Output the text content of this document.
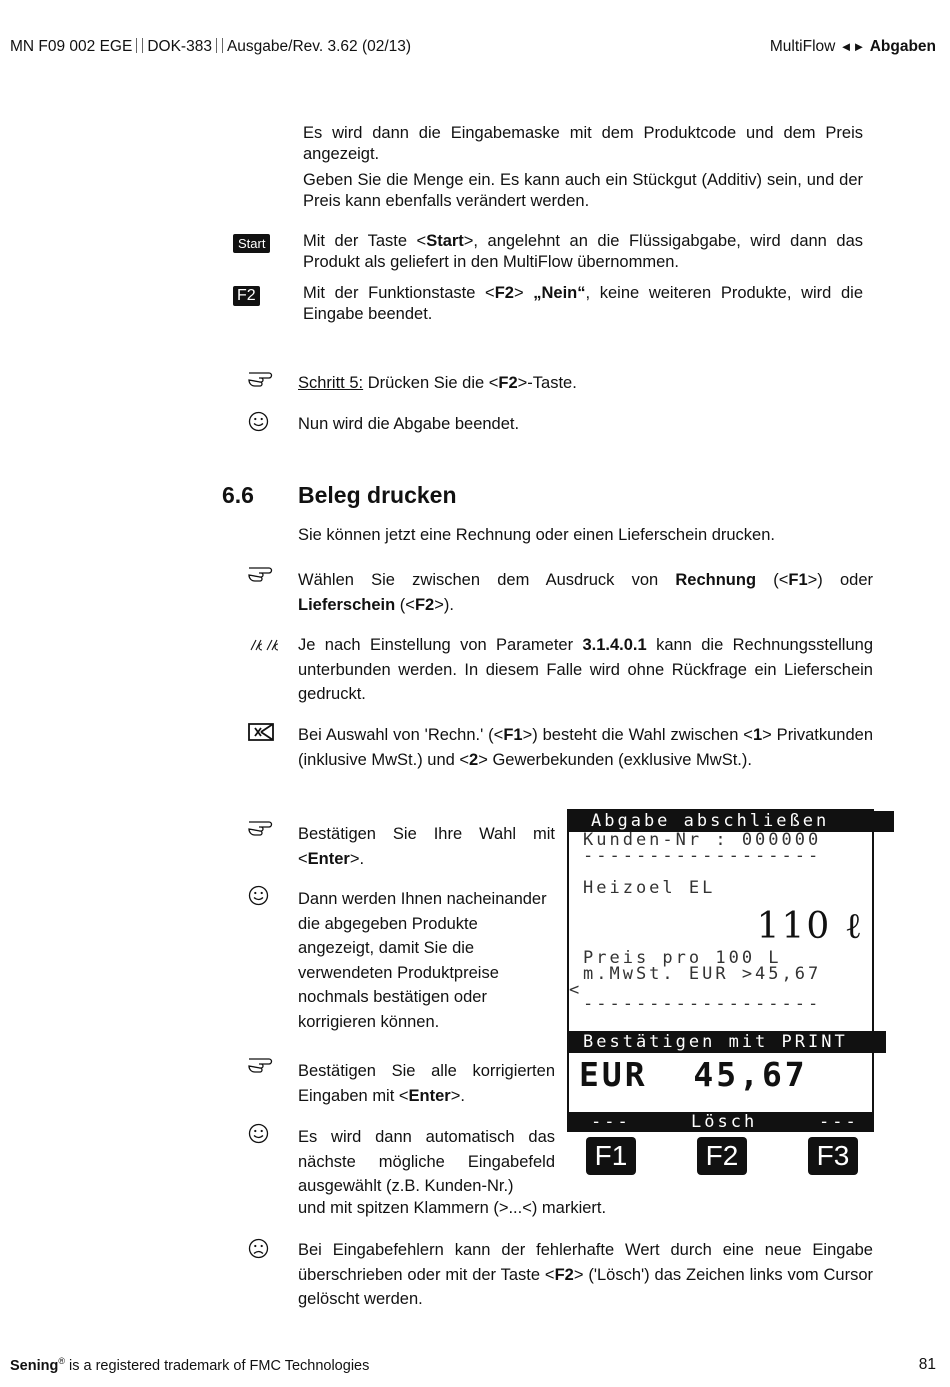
MN F09 002 EGE DOK-383 Ausgabe/Rev. 3.62 (02/13)	MultiFlow ◄► Abgaben
Es wird dann die Eingabemaske mit dem Produktcode und dem Preis angezeigt.
Geben Sie die Menge ein. Es kann auch ein Stückgut (Additiv) sein, und der Preis kann ebenfalls verändert werden.
Start	Mit der Taste <Start>, angelehnt an die Flüssigabgabe, wird dann das Produkt als geliefert in den MultiFlow übernommen.
F2	Mit der Funktionstaste <F2> „Nein“, keine weiteren Produkte, wird die Eingabe beendet.
Schritt 5: Drücken Sie die <F2>-Taste.
Nun wird die Abgabe beendet.
6.6 Beleg drucken
Sie können jetzt eine Rechnung oder einen Lieferschein drucken.
Wählen Sie zwischen dem Ausdruck von Rechnung (<F1>) oder Lieferschein (<F2>).
Je nach Einstellung von Parameter 3.1.4.0.1 kann die Rechnungsstellung unterbunden werden. In diesem Falle wird ohne Rückfrage ein Lieferschein gedruckt.
Bei Auswahl von 'Rechn.' (<F1>) besteht die Wahl zwischen <1> Privatkunden (inklusive MwSt.) und <2> Gewerbekunden (exklusive MwSt.).
Bestätigen Sie Ihre Wahl mit <Enter>.
Dann werden Ihnen nacheinander die abgegeben Produkte angezeigt, damit Sie die verwendeten Produktpreise nochmals bestätigen oder korrigieren können.
Bestätigen Sie alle korrigierten Eingaben mit <Enter>.
Es wird dann automatisch das nächste mögliche Eingabefeld ausgewählt (z.B. Kunden-Nr.)
und mit spitzen Klammern (>...<) markiert.
Bei Eingabefehlern kann der fehlerhafte Wert durch eine neue Eingabe überschrieben oder mit der Taste <F2> ('Lösch') das Zeichen links vom Cursor gelöscht werden.
Abgabe abschließen
Kunden-Nr : 000000
------------------
Heizoel EL
110 ℓ
Preis pro 100 L
m.MwSt. EUR >45,67
<
------------------
Bestätigen mit PRINT
EUR  45,67
---	Lösch	---
F1	F2	F3
Sening® is a registered trademark of FMC Technologies	81
